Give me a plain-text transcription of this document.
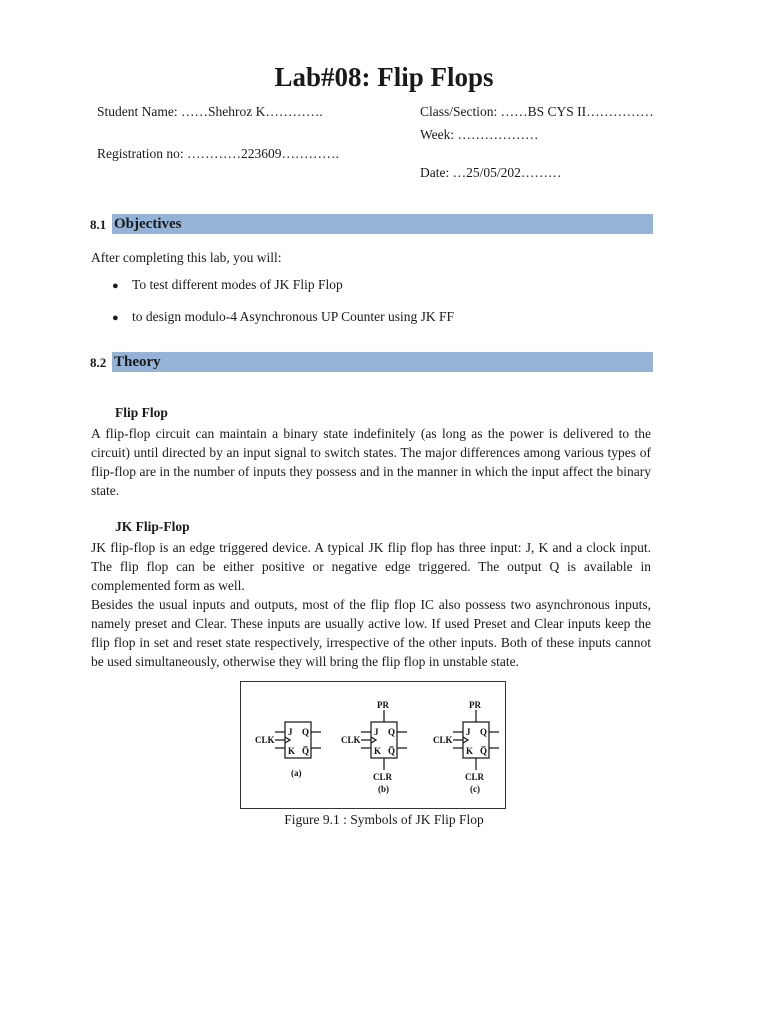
Lab#08: Flip Flops
Student Name: ……Shehroz K………….	Class/Section: ……BS CYS II……………
Week: ………………
Registration no: …………223609………….
Date: …25/05/202………
8.1 Objectives
After completing this lab, you will:
● To test different modes of JK Flip Flop
● to design modulo-4 Asynchronous UP Counter using JK FF
8.2 Theory
Flip Flop
A flip-flop circuit can maintain a binary state indefinitely (as long as the power is delivered to the circuit) until directed by an input signal to switch states. The major differences among various types of flip-flop are in the number of inputs they possess and in the manner in which the input affect the binary state.
JK Flip-Flop
JK flip-flop is an edge triggered device. A typical JK flip flop has three input: J, K and a clock input. The flip flop can be either positive or negative edge triggered. The output Q is available in complemented form as well.
Besides the usual inputs and outputs, most of the flip flop IC also possess two asynchronous inputs, namely preset and Clear. These inputs are usually active low. If used Preset and Clear inputs keep the flip flop in set and reset state respectively, irrespective of the other inputs. Both of these inputs cannot be used simultaneously, otherwise they will bring the flip flop in unstable state.
CLK
J
K
Q
Q̅
(a)
CLK
J
K
Q
Q̅
PR
CLR
(b)
CLK
J
K
Q
Q̅
PR
CLR
(c)
Figure 9.1 : Symbols of JK Flip Flop
